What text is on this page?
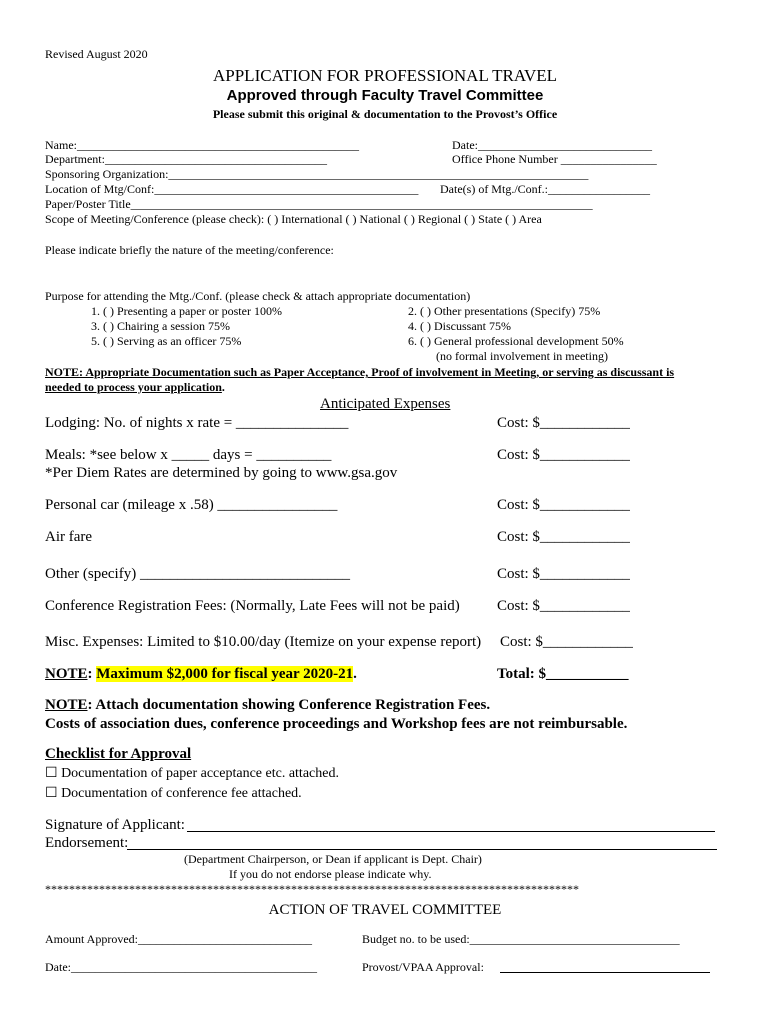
Revised August 2020
APPLICATION FOR PROFESSIONAL TRAVEL
Approved through Faculty Travel Committee
Please submit this original & documentation to the Provost’s Office
Name:_______________________________________________	Date:_____________________________
Department:_____________________________________	Office Phone Number ________________
Sponsoring Organization:______________________________________________________________________
Location of Mtg/Conf:____________________________________________ Date(s) of Mtg./Conf.:_________________
Paper/Poster Title_____________________________________________________________________________
Scope of Meeting/Conference (please check): ( ) International ( ) National ( ) Regional ( ) State ( ) Area
Please indicate briefly the nature of the meeting/conference:
Purpose for attending the Mtg./Conf. (please check & attach appropriate documentation)
1. ( ) Presenting a paper or poster 100%	2. ( ) Other presentations (Specify) 75%
3. ( ) Chairing a session 75%	4. ( ) Discussant 75%
5. ( ) Serving as an officer 75%	6. ( ) General professional development 50%
(no formal involvement in meeting)
NOTE: Appropriate Documentation such as Paper Acceptance, Proof of involvement in Meeting, or serving as discussant is
needed to process your application.
Anticipated Expenses
Lodging: No. of nights x rate = _______________	Cost: $____________
Meals: *see below x _____ days = __________	Cost: $____________
*Per Diem Rates are determined by going to www.gsa.gov
Personal car (mileage x .58) ________________	Cost: $____________
Air fare	Cost: $____________
Other (specify) ____________________________	Cost: $____________
Conference Registration Fees: (Normally, Late Fees will not be paid) Cost: $____________
Misc. Expenses: Limited to $10.00/day (Itemize on your expense report) Cost: $____________
NOTE: Maximum $2,000 for fiscal year 2020-21.	Total: $___________
NOTE: Attach documentation showing Conference Registration Fees.
Costs of association dues, conference proceedings and Workshop fees are not reimbursable.
Checklist for Approval
☐ Documentation of paper acceptance etc. attached.
☐ Documentation of conference fee attached.
Signature of Applicant:
Endorsement:
(Department Chairperson, or Dean if applicant is Dept. Chair)
If you do not endorse please indicate why.
*****************************************************************************************
ACTION OF TRAVEL COMMITTEE
Amount Approved:_____________________________	Budget no. to be used:___________________________________
Date:_________________________________________	Provost/VPAA Approval:
